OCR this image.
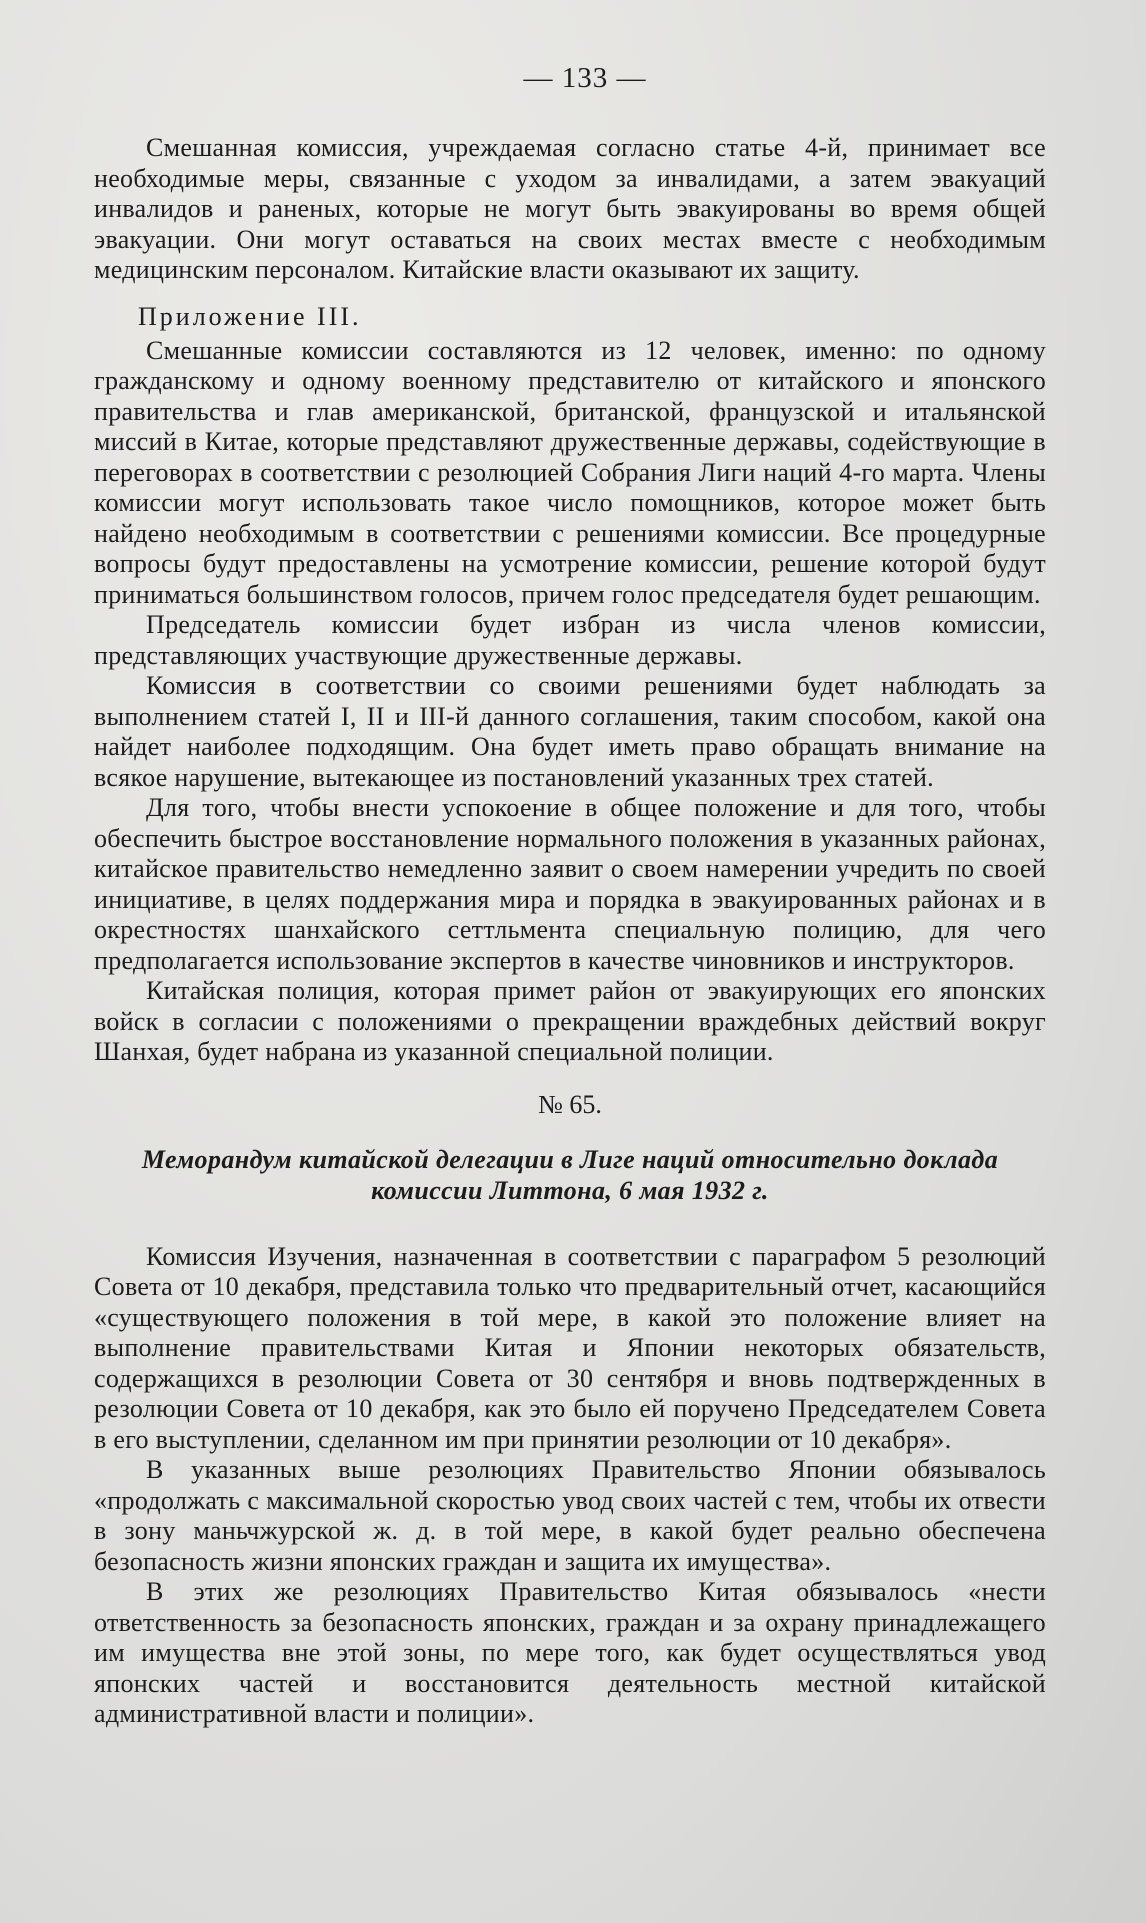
— 133 —

Смешанная комиссия, учреждаемая согласно статье 4-й, принимает все необходимые меры, связанные с уходом за инвалидами, а затем эвакуаций инвалидов и раненых, которые не могут быть эвакуированы во время общей эвакуации. Они могут оставаться на своих местах вместе с необходимым медицинским персоналом. Китайские власти оказывают их защиту.

Приложение III.

Смешанные комиссии составляются из 12 человек, именно: по одному гражданскому и одному военному представителю от китайского и японского правительства и глав американской, британской, французской и итальянской миссий в Китае, которые представляют дружественные державы, содействующие в переговорах в соответствии с резолюцией Собрания Лиги наций 4-го марта. Члены комиссии могут использовать такое число помощников, которое может быть найдено необходимым в соответствии с решениями комиссии. Все процедурные вопросы будут предоставлены на усмотрение комиссии, решение которой будут приниматься большинством голосов, причем голос председателя будет решающим.

Председатель комиссии будет избран из числа членов комиссии, представляющих участвующие дружественные державы.

Комиссия в соответствии со своими решениями будет наблюдать за выполнением статей I, II и III-й данного соглашения, таким способом, какой она найдет наиболее подходящим. Она будет иметь право обращать внимание на всякое нарушение, вытекающее из постановлений указанных трех статей.

Для того, чтобы внести успокоение в общее положение и для того, чтобы обеспечить быстрое восстановление нормального положения в указанных районах, китайское правительство немедленно заявит о своем намерении учредить по своей инициативе, в целях поддержания мира и порядка в эвакуированных районах и в окрестностях шанхайского сеттльмента специальную полицию, для чего предполагается использование экспертов в качестве чиновников и инструкторов.

Китайская полиция, которая примет район от эвакуирующих его японских войск в согласии с положениями о прекращении враждебных действий вокруг Шанхая, будет набрана из указанной специальной полиции.

№ 65.
Меморандум китайской делегации в Лиге наций относительно доклада
комиссии Литтона, 6 мая 1932 г.

Комиссия Изучения, назначенная в соответствии с параграфом 5 резолюций Совета от 10 декабря, представила только что предварительный отчет, касающийся «существующего положения в той мере, в какой это положение влияет на выполнение правительствами Китая и Японии некоторых обязательств, содержащихся в резолюции Совета от 30 сентября и вновь подтвержденных в резолюции Совета от 10 декабря, как это было ей поручено Председателем Совета в его выступлении, сделанном им при принятии резолюции от 10 декабря».

В указанных выше резолюциях Правительство Японии обязывалось «продолжать с максимальной скоростью увод своих частей с тем, чтобы их отвести в зону маньчжурской ж. д. в той мере, в какой будет реально обеспечена безопасность жизни японских граждан и защита их имущества».

В этих же резолюциях Правительство Китая обязывалось «нести ответственность за безопасность японских, граждан и за охрану принадлежащего им имущества вне этой зоны, по мере того, как будет осуществляться увод японских частей и восстановится деятельность местной китайской административной власти и полиции».
